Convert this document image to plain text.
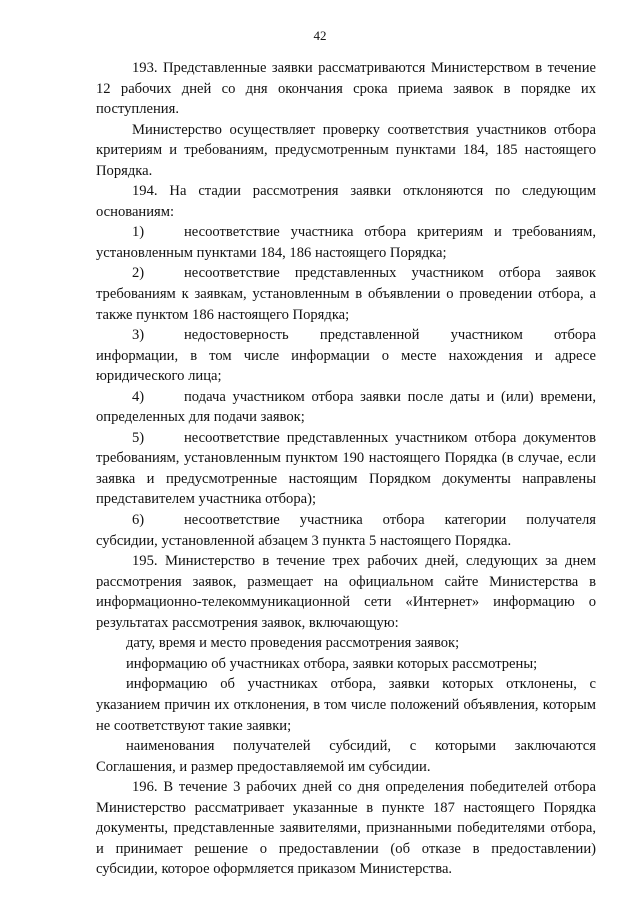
42

193. Представленные заявки рассматриваются Министерством в течение 12 рабочих дней со дня окончания срока приема заявок в порядке их поступления.

Министерство осуществляет проверку соответствия участников отбора критериям и требованиям, предусмотренным пунктами 184, 185 настоящего Порядка.

194. На стадии рассмотрения заявки отклоняются по следующим основаниям:

1)	несоответствие участника отбора критериям и требованиям, установленным пунктами 184, 186 настоящего Порядка;

2)	несоответствие представленных участником отбора заявок требованиям к заявкам, установленным в объявлении о проведении отбора, а также пунктом 186 настоящего Порядка;

3)	недостоверность представленной участником отбора информации, в том числе информации о месте нахождения и адресе юридического лица;

4)	подача участником отбора заявки после даты и (или) времени, определенных для подачи заявок;

5)	несоответствие представленных участником отбора документов требованиям, установленным пунктом 190 настоящего Порядка (в случае, если заявка и предусмотренные настоящим Порядком документы направлены представителем участника отбора);

6)	несоответствие участника отбора категории получателя субсидии, установленной абзацем 3 пункта 5 настоящего Порядка.

195. Министерство в течение трех рабочих дней, следующих за днем рассмотрения заявок, размещает на официальном сайте Министерства в информационно-телекоммуникационной сети «Интернет» информацию о результатах рассмотрения заявок, включающую:

дату, время и место проведения рассмотрения заявок;

информацию об участниках отбора, заявки которых рассмотрены;

информацию об участниках отбора, заявки которых отклонены, с указанием причин их отклонения, в том числе положений объявления, которым не соответствуют такие заявки;

наименования получателей субсидий, с которыми заключаются Соглашения, и размер предоставляемой им субсидии.

196. В течение 3 рабочих дней со дня определения победителей отбора Министерство рассматривает указанные в пункте 187 настоящего Порядка документы, представленные заявителями, признанными победителями отбора, и принимает решение о предоставлении (об отказе в предоставлении) субсидии, которое оформляется приказом Министерства.
